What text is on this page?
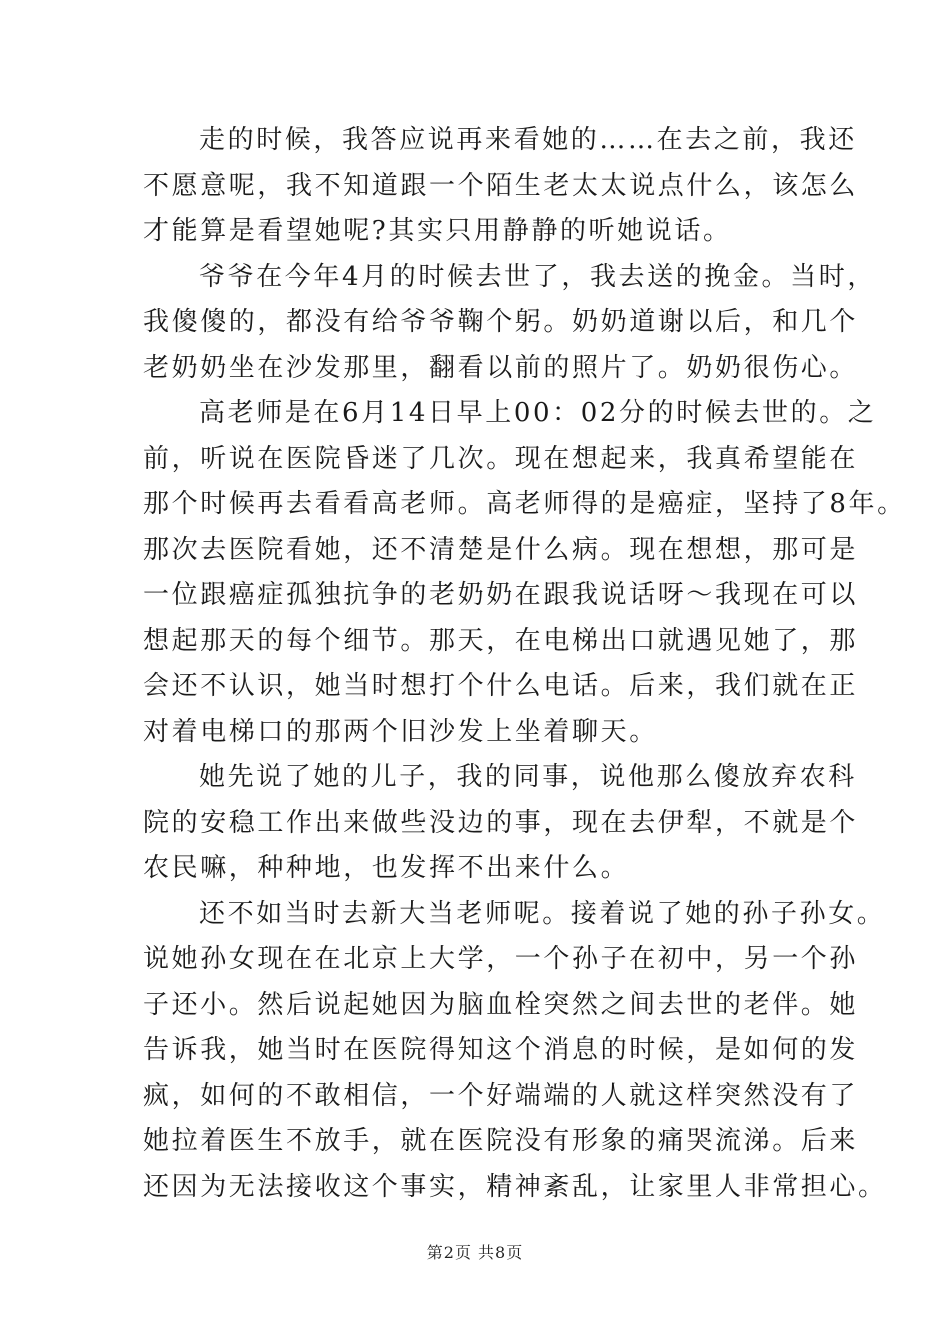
走的时候，我答应说再来看她的……在去之前，我还
不愿意呢，我不知道跟一个陌生老太太说点什么，该怎么
才能算是看望她呢?其实只用静静的听她说话。
爷爷在今年4月的时候去世了，我去送的挽金。当时，
我傻傻的，都没有给爷爷鞠个躬。奶奶道谢以后，和几个
老奶奶坐在沙发那里，翻看以前的照片了。奶奶很伤心。
高老师是在6月14日早上00：02分的时候去世的。之
前，听说在医院昏迷了几次。现在想起来，我真希望能在
那个时候再去看看高老师。高老师得的是癌症，坚持了8年。
那次去医院看她，还不清楚是什么病。现在想想，那可是
一位跟癌症孤独抗争的老奶奶在跟我说话呀～我现在可以
想起那天的每个细节。那天，在电梯出口就遇见她了，那
会还不认识，她当时想打个什么电话。后来，我们就在正
对着电梯口的那两个旧沙发上坐着聊天。
她先说了她的儿子，我的同事，说他那么傻放弃农科
院的安稳工作出来做些没边的事，现在去伊犁，不就是个
农民嘛，种种地，也发挥不出来什么。
还不如当时去新大当老师呢。接着说了她的孙子孙女。
说她孙女现在在北京上大学，一个孙子在初中，另一个孙
子还小。然后说起她因为脑血栓突然之间去世的老伴。她
告诉我，她当时在医院得知这个消息的时候，是如何的发
疯，如何的不敢相信，一个好端端的人就这样突然没有了
她拉着医生不放手，就在医院没有形象的痛哭流涕。后来
还因为无法接收这个事实，精神紊乱，让家里人非常担心。
第2页 共8页
